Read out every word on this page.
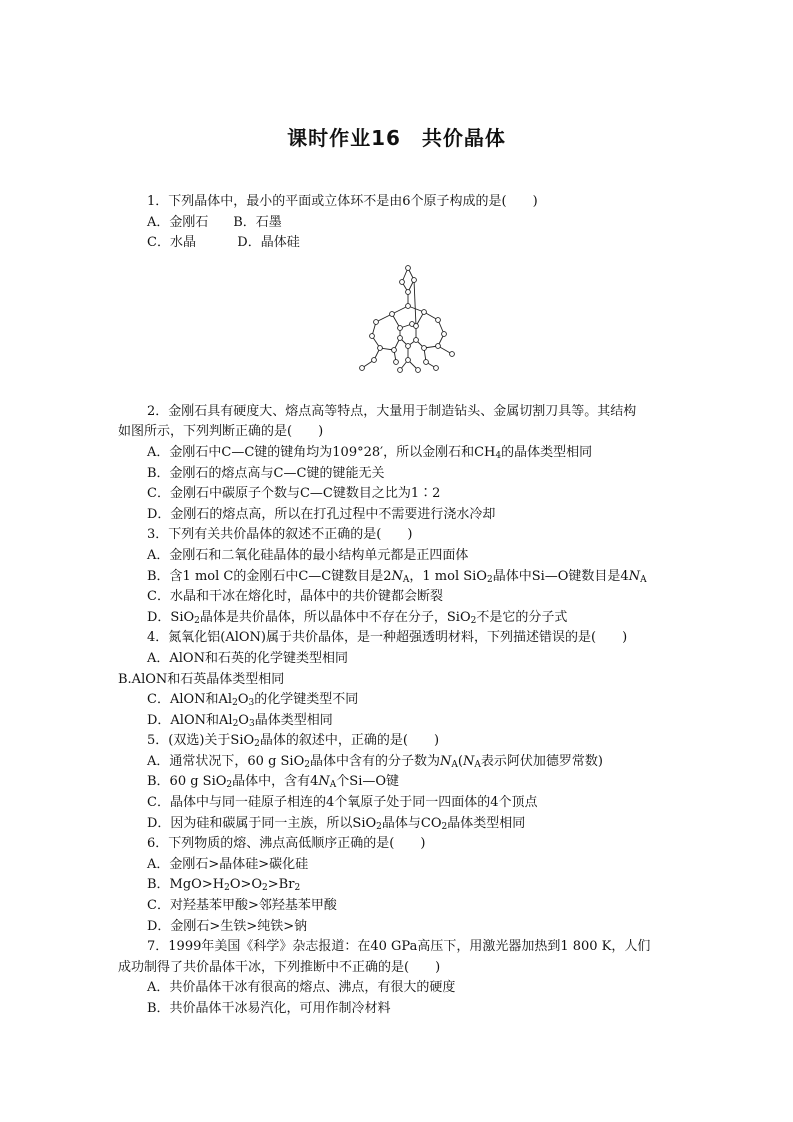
课时作业16　共价晶体
1．下列晶体中，最小的平面或立体环不是由6个原子构成的是(　　)
A．金刚石 B．石墨
C．水晶	D．晶体硅
2．金刚石具有硬度大、熔点高等特点，大量用于制造钻头、金属切割刀具等。其结构
如图所示，下列判断正确的是(　　)
A．金刚石中C—C键的键角均为109°28′，所以金刚石和$CH_4$的晶体类型相同
B．金刚石的熔点高与C—C键的键能无关
C．金刚石中碳原子个数与C—C键数目之比为1∶2
D．金刚石的熔点高，所以在打孔过程中不需要进行浇水冷却
3．下列有关共价晶体的叙述不正确的是(　　)
A．金刚石和二氧化硅晶体的最小结构单元都是正四面体
B．含1 mol C的金刚石中C—C键数目是$2N_A$，1 mol SiO$_2$晶体中Si—O键数目是$4N_A$
C．水晶和干冰在熔化时，晶体中的共价键都会断裂
D．SiO$_2$晶体是共价晶体，所以晶体中不存在分子，SiO$_2$不是它的分子式
4．氮氧化铝(AlON)属于共价晶体，是一种超强透明材料，下列描述错误的是(　　)
A．AlON和石英的化学键类型相同
B.AlON和石英晶体类型相同
C．AlON和$Al_2O_3$的化学键类型不同
D．AlON和$Al_2O_3$晶体类型相同
5．(双选)关于SiO$_2$晶体的叙述中，正确的是(　　)
A．通常状况下，60 g SiO$_2$晶体中含有的分子数为$N_A(N_A$表示阿伏加德罗常数)
B．60 g SiO$_2$晶体中，含有$4N_A$个Si—O键
C．晶体中与同一硅原子相连的4个氧原子处于同一四面体的4个顶点
D．因为硅和碳属于同一主族，所以SiO$_2$晶体与$CO_2$晶体类型相同
6．下列物质的熔、沸点高低顺序正确的是(　　)
A．金刚石>晶体硅>碳化硅
B．$MgO>H_2O>O_2>Br_2$
C．对羟基苯甲酸>邻羟基苯甲酸
D．金刚石>生铁>纯铁>钠
7．1999年美国《科学》杂志报道：在40 GPa高压下，用激光器加热到1 800 K，人们
成功制得了共价晶体干冰，下列推断中不正确的是(　　)
A．共价晶体干冰有很高的熔点、沸点，有很大的硬度
B．共价晶体干冰易汽化，可用作制冷材料
